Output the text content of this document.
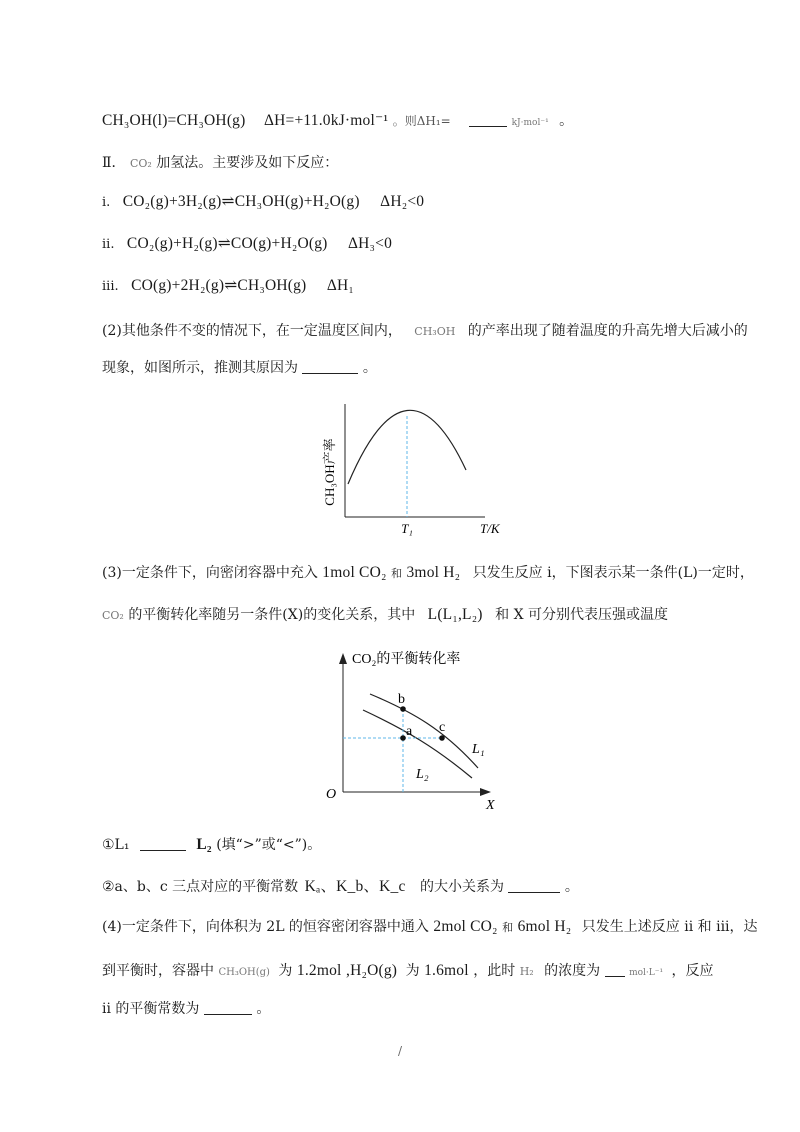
CH₃OH(l)=CH₃OH(g) ΔH=+11.0kJ·mol⁻¹ 。则ΔH₁=	kJ·mol⁻¹ 。
Ⅱ． CO₂ 加氢法。主要涉及如下反应：
i. CO₂(g)+3H₂(g)⇌CH₃OH(g)+H₂O(g) ΔH₂<0
ii. CO₂(g)+H₂(g)⇌CO(g)+H₂O(g) ΔH₃<0
iii. CO(g)+2H₂(g)⇌CH₃OH(g) ΔH₁
(2)其他条件不变的情况下，在一定温度区间内， CH₃OH 的产率出现了随着温度的升高先增大后减小的
现象，如图所示，推测其原因为	。
CH₃OH产率
T₁	T/K
(3)一定条件下，向密闭容器中充入 1mol CO₂ 和 3mol H₂ 只发生反应 i，下图表示某一条件(L)一定时，
CO₂ 的平衡转化率随另一条件(X)的变化关系，其中 L(L₁,L₂) 和 X 可分别代表压强或温度
CO₂的平衡转化率
a
b
c
L₁
L₂
O
X
①L₁	L₂ (填“>”或“<”)。
②a、b、c 三点对应的平衡常数 Kₐ、K_b、K_c 的大小关系为	。
(4)一定条件下，向体积为 2L 的恒容密闭容器中通入 2mol CO₂ 和 6mol H₂ 只发生上述反应 ii 和 iii，达
到平衡时，容器中 CH₃OH(g) 为 1.2mol ,H₂O(g) 为 1.6mol ，此时 H₂ 的浓度为	mol·L⁻¹ ，反应
ii 的平衡常数为	。
/
